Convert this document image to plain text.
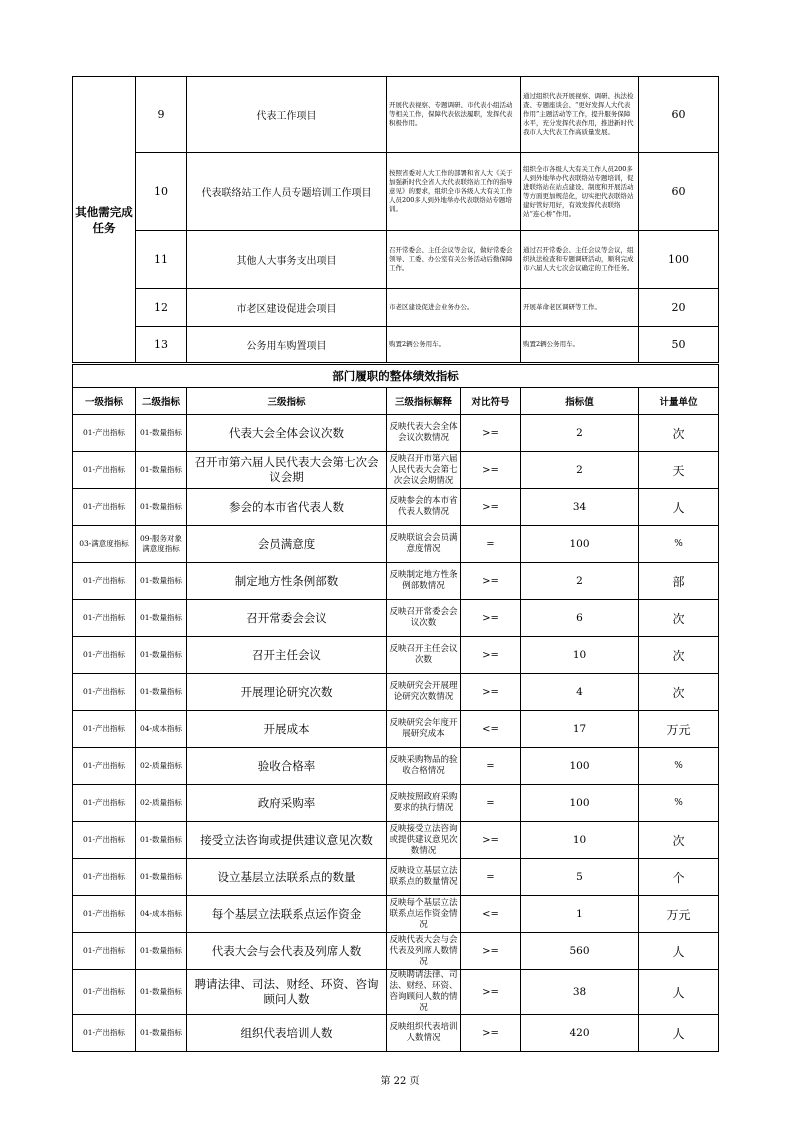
其他需完成任务	9	代表工作项目	开展代表视察、专题调研、市代表小组活动等相关工作，保障代表依法履职，发挥代表积极作用。	通过组织代表开展视察、调研、执法检查、专题座谈会、“更好发挥人大代表作用”主题活动等工作，提升服务保障水平，充分发挥代表作用，推进新时代我市人大代表工作高质量发展。	60
	10	代表联络站工作人员专题培训工作项目	按照省委对人大工作的部署和省人大《关于加强新时代全省人大代表联络站工作的指导意见》的要求，组织全市各级人大有关工作人员200多人到外地举办代表联络站专题培训。	组织全市各级人大有关工作人员200多人到外地举办代表联络站专题培训，促进联络站在站点建设、制度和开展活动等方面更加规范化，切实把代表联络站建好管好用好，有效发挥代表联络站“连心桥”作用。	60
	11	其他人大事务支出项目	召开常委会、主任会议等会议，做好常委会领导、工委、办公室有关公务活动后勤保障工作。	通过召开常委会、主任会议等会议，组织执法检查和专题调研活动，顺利完成市六届人大七次会议确定的工作任务。	100
	12	市老区建设促进会项目	市老区建设促进会业务办公。	开展革命老区调研等工作。	20
	13	公务用车购置项目	购置2辆公务用车。	购置2辆公务用车。	50
部门履职的整体绩效指标						
一级指标	二级指标	三级指标	三级指标解释	对比符号	指标值	计量单位
01-产出指标	01-数量指标	代表大会全体会议次数	反映代表大会全体会议次数情况	>=	2	次
01-产出指标	01-数量指标	召开市第六届人民代表大会第七次会议会期	反映召开市第六届人民代表大会第七次会议会期情况	>=	2	天
01-产出指标	01-数量指标	参会的本市省代表人数	反映参会的本市省代表人数情况	>=	34	人
03-满意度指标	09-服务对象满意度指标	会员满意度	反映联谊会会员满意度情况	=	100	%
01-产出指标	01-数量指标	制定地方性条例部数	反映制定地方性条例部数情况	>=	2	部
01-产出指标	01-数量指标	召开常委会会议	反映召开常委会会议次数	>=	6	次
01-产出指标	01-数量指标	召开主任会议	反映召开主任会议次数	>=	10	次
01-产出指标	01-数量指标	开展理论研究次数	反映研究会开展理论研究次数情况	>=	4	次
01-产出指标	04-成本指标	开展成本	反映研究会年度开展研究成本	<=	17	万元
01-产出指标	02-质量指标	验收合格率	反映采购物品的验收合格情况	=	100	%
01-产出指标	02-质量指标	政府采购率	反映按照政府采购要求的执行情况	=	100	%
01-产出指标	01-数量指标	接受立法咨询或提供建议意见次数	反映接受立法咨询或提供建议意见次数情况	>=	10	次
01-产出指标	01-数量指标	设立基层立法联系点的数量	反映设立基层立法联系点的数量情况	=	5	个
01-产出指标	04-成本指标	每个基层立法联系点运作资金	反映每个基层立法联系点运作资金情况	<=	1	万元
01-产出指标	01-数量指标	代表大会与会代表及列席人数	反映代表大会与会代表及列席人数情况	>=	560	人
01-产出指标	01-数量指标	聘请法律、司法、财经、环资、咨询顾问人数	反映聘请法律、司法、财经、环资、咨询顾问人数的情况	>=	38	人
01-产出指标	01-数量指标	组织代表培训人数	反映组织代表培训人数情况	>=	420	人
第 22 页
